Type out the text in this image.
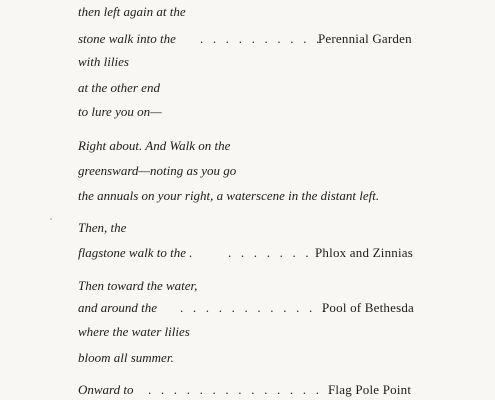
then left again at the
stone walk into the . . . . . . . . . .
Perennial Garden
with lilies
at the other end
to lure you on—
Right about. And Walk on the
greensward—noting as you go
the annuals on your right, a waterscene in the distant left.
Then, the
flagstone walk to the .	. . . . . . . Phlox and Zinnias
Then toward the water,
and around the . . . . . . . . . . . .
Pool of Bethesda
where the water lilies
bloom all summer.
Onward to . . . . . . . . . . . . . . .
Flag Pole Point
